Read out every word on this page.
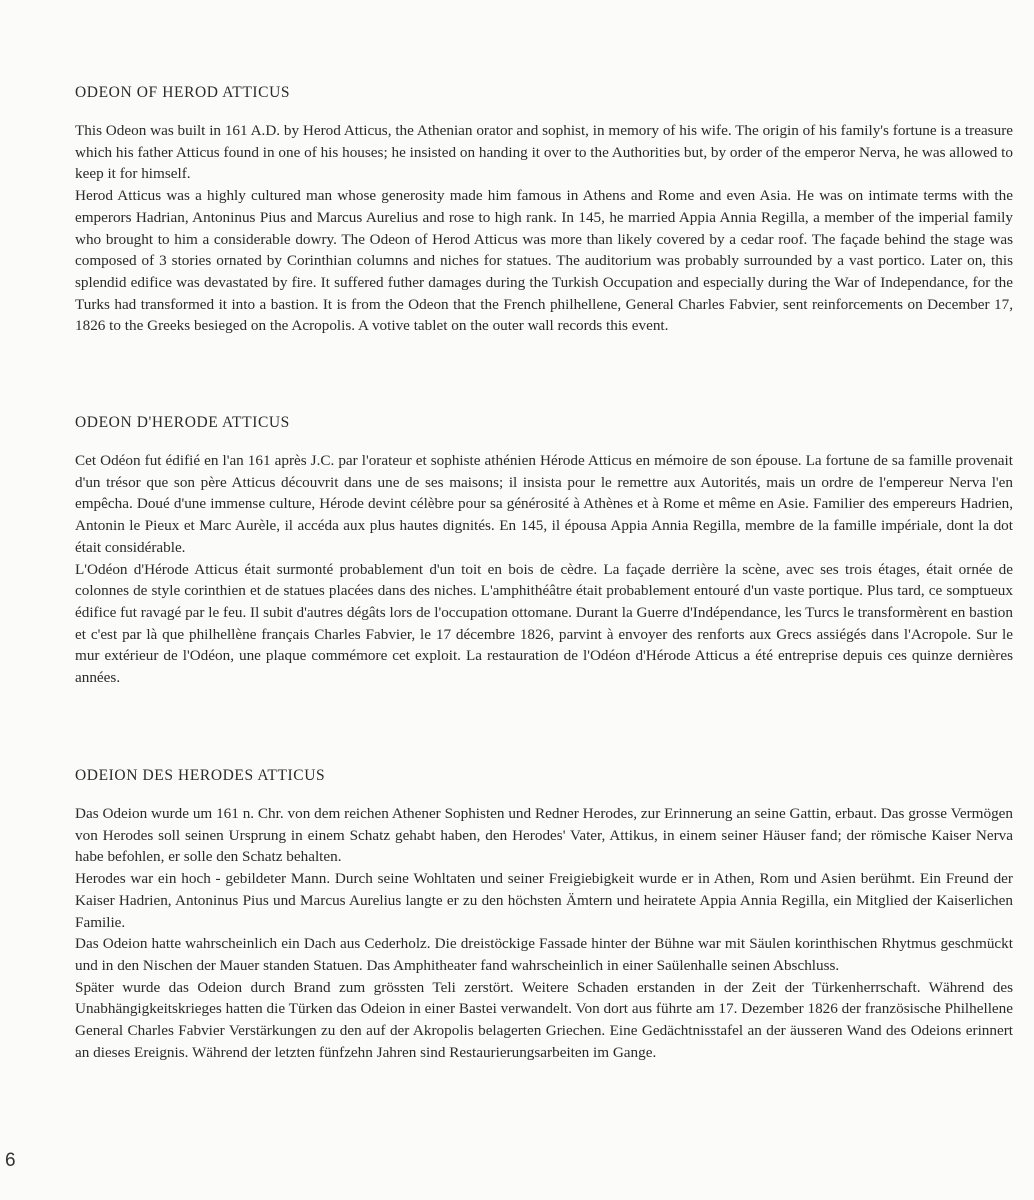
ODEON OF HEROD ATTICUS

This Odeon was built in 161 A.D. by Herod Atticus, the Athenian orator and sophist, in memory of his wife. The origin of his family's fortune is a treasure which his father Atticus found in one of his houses; he insisted on handing it over to the Authorities but, by order of the emperor Nerva, he was allowed to keep it for himself.

Herod Atticus was a highly cultured man whose generosity made him famous in Athens and Rome and even Asia. He was on intimate terms with the emperors Hadrian, Antoninus Pius and Marcus Aurelius and rose to high rank. In 145, he married Appia Annia Regilla, a member of the imperial family who brought to him a considerable dowry. The Odeon of Herod Atticus was more than likely covered by a cedar roof. The façade behind the stage was composed of 3 stories ornated by Corinthian columns and niches for statues. The auditorium was probably surrounded by a vast portico. Later on, this splendid edifice was devastated by fire. It suffered futher damages during the Turkish Occupation and especially during the War of Independance, for the Turks had transformed it into a bastion. It is from the Odeon that the French philhellene, General Charles Fabvier, sent reinforcements on December 17, 1826 to the Greeks besieged on the Acropolis. A votive tablet on the outer wall records this event.

ODEON D'HERODE ATTICUS

Cet Odéon fut édifié en l'an 161 après J.C. par l'orateur et sophiste athénien Hérode Atticus en mémoire de son épouse. La fortune de sa famille provenait d'un trésor que son père Atticus découvrit dans une de ses maisons; il insista pour le remettre aux Autorités, mais un ordre de l'empereur Nerva l'en empêcha. Doué d'une immense culture, Hérode devint célèbre pour sa générosité à Athènes et à Rome et même en Asie. Familier des empereurs Hadrien, Antonin le Pieux et Marc Aurèle, il accéda aux plus hautes dignités. En 145, il épousa Appia Annia Regilla, membre de la famille impériale, dont la dot était considérable.

L'Odéon d'Hérode Atticus était surmonté probablement d'un toit en bois de cèdre. La façade derrière la scène, avec ses trois étages, était ornée de colonnes de style corinthien et de statues placées dans des niches. L'amphithéâtre était probablement entouré d'un vaste portique. Plus tard, ce somptueux édifice fut ravagé par le feu. Il subit d'autres dégâts lors de l'occupation ottomane. Durant la Guerre d'Indépendance, les Turcs le transformèrent en bastion et c'est par là que philhellène français Charles Fabvier, le 17 décembre 1826, parvint à envoyer des renforts aux Grecs assiégés dans l'Acropole. Sur le mur extérieur de l'Odéon, une plaque commémore cet exploit. La restauration de l'Odéon d'Hérode Atticus a été entreprise depuis ces quinze dernières années.

ODEION DES HERODES ATTICUS

Das Odeion wurde um 161 n. Chr. von dem reichen Athener Sophisten und Redner Herodes, zur Erinnerung an seine Gattin, erbaut. Das grosse Vermögen von Herodes soll seinen Ursprung in einem Schatz gehabt haben, den Herodes' Vater, Attikus, in einem seiner Häuser fand; der römische Kaiser Nerva habe befohlen, er solle den Schatz behalten.

Herodes war ein hoch - gebildeter Mann. Durch seine Wohltaten und seiner Freigiebigkeit wurde er in Athen, Rom und Asien berühmt. Ein Freund der Kaiser Hadrien, Antoninus Pius und Marcus Aurelius langte er zu den höchsten Ämtern und heiratete Appia Annia Regilla, ein Mitglied der Kaiserlichen Familie.

Das Odeion hatte wahrscheinlich ein Dach aus Cederholz. Die dreistöckige Fassade hinter der Bühne war mit Säulen korinthischen Rhytmus geschmückt und in den Nischen der Mauer standen Statuen. Das Amphitheater fand wahrscheinlich in einer Saülenhalle seinen Abschluss.

Später wurde das Odeion durch Brand zum grössten Teli zerstört. Weitere Schaden erstanden in der Zeit der Türkenherrschaft. Während des Unabhängigkeitskrieges hatten die Türken das Odeion in einer Bastei verwandelt. Von dort aus führte am 17. Dezember 1826 der französische Philhellene General Charles Fabvier Verstärkungen zu den auf der Akropolis belagerten Griechen. Eine Gedächtnisstafel an der äusseren Wand des Odeions erinnert an dieses Ereignis. Während der letzten fünfzehn Jahren sind Restaurierungsarbeiten im Gange.

6
